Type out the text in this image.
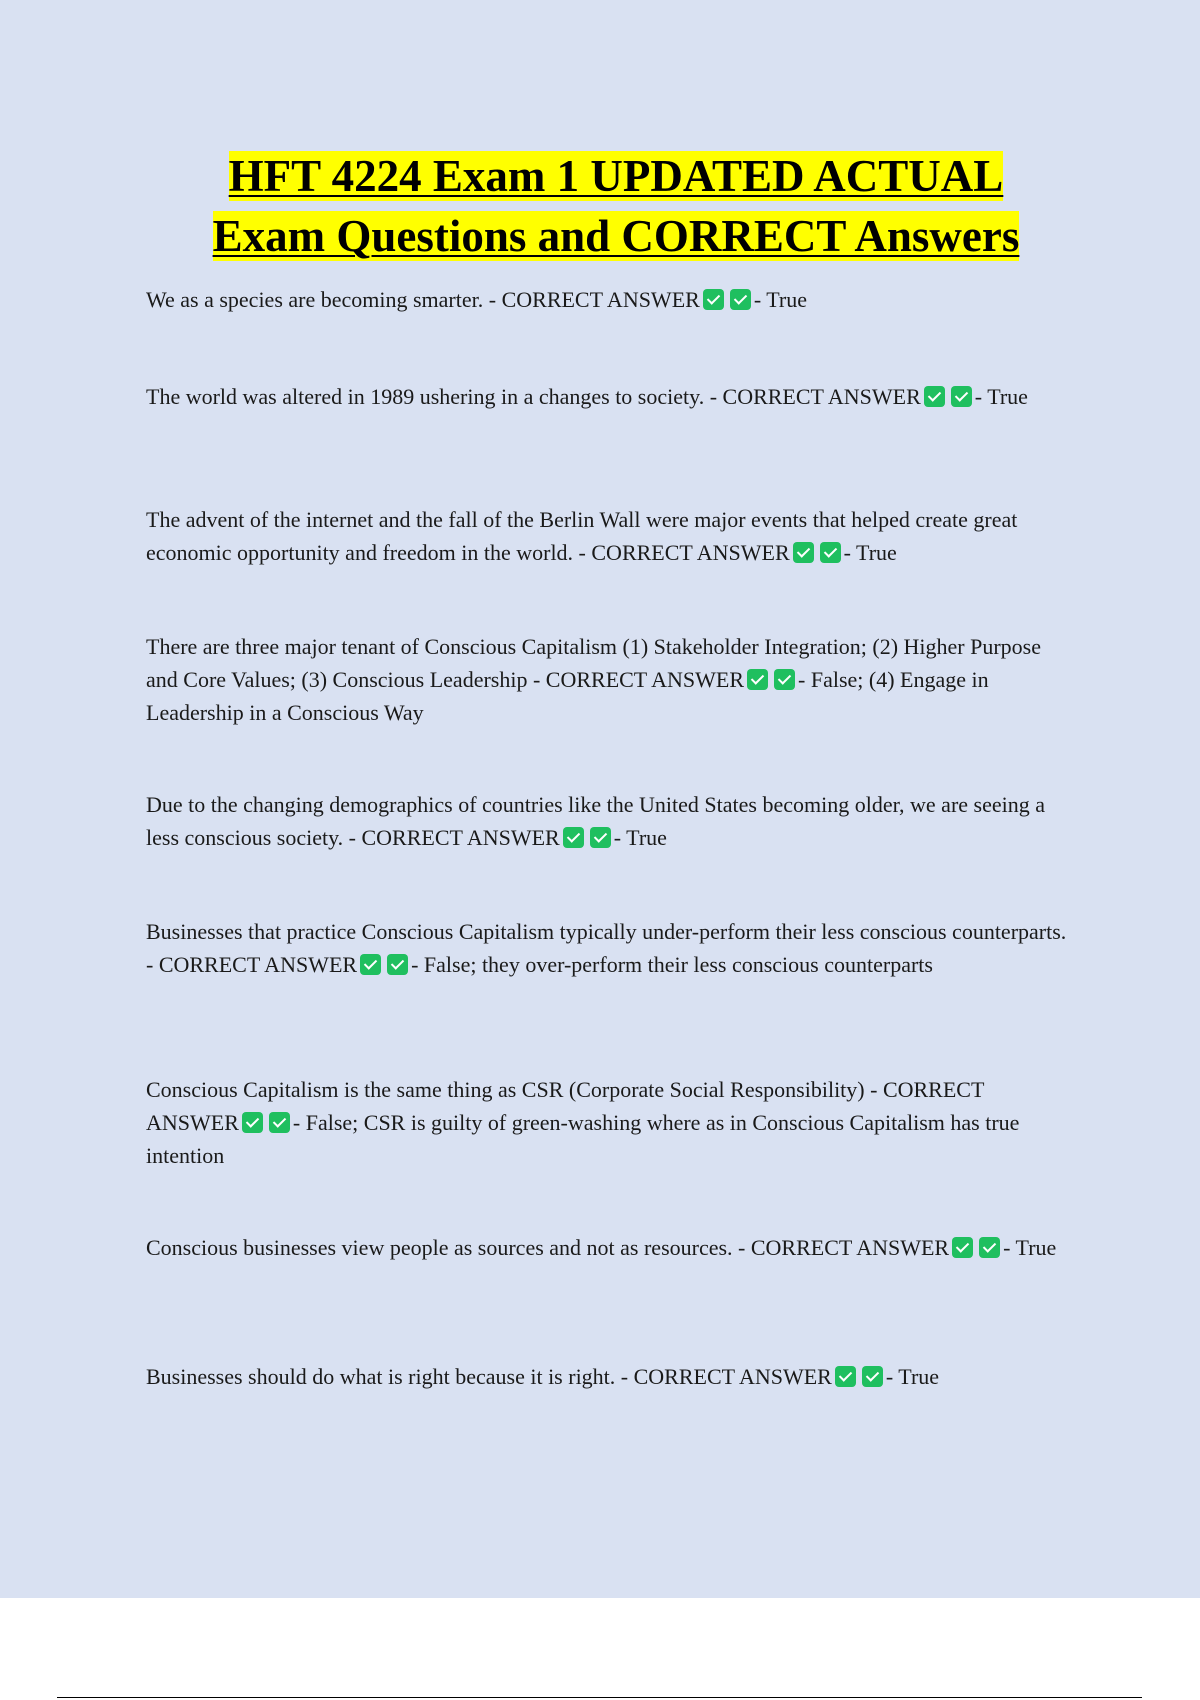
HFT 4224 Exam 1 UPDATED ACTUAL
Exam Questions and CORRECT Answers

We as a species are becoming smarter. - CORRECT ANSWER - True

The world was altered in 1989 ushering in a changes to society. - CORRECT ANSWER - True

The advent of the internet and the fall of the Berlin Wall were major events that helped create great economic opportunity and freedom in the world. - CORRECT ANSWER - True

There are three major tenant of Conscious Capitalism (1) Stakeholder Integration; (2) Higher Purpose and Core Values; (3) Conscious Leadership - CORRECT ANSWER - False; (4) Engage in Leadership in a Conscious Way

Due to the changing demographics of countries like the United States becoming older, we are seeing a less conscious society. - CORRECT ANSWER - True

Businesses that practice Conscious Capitalism typically under-perform their less conscious counterparts. - CORRECT ANSWER - False; they over-perform their less conscious counterparts

Conscious Capitalism is the same thing as CSR (Corporate Social Responsibility) - CORRECT ANSWER - False; CSR is guilty of green-washing where as in Conscious Capitalism has true intention

Conscious businesses view people as sources and not as resources. - CORRECT ANSWER - True

Businesses should do what is right because it is right. - CORRECT ANSWER - True
